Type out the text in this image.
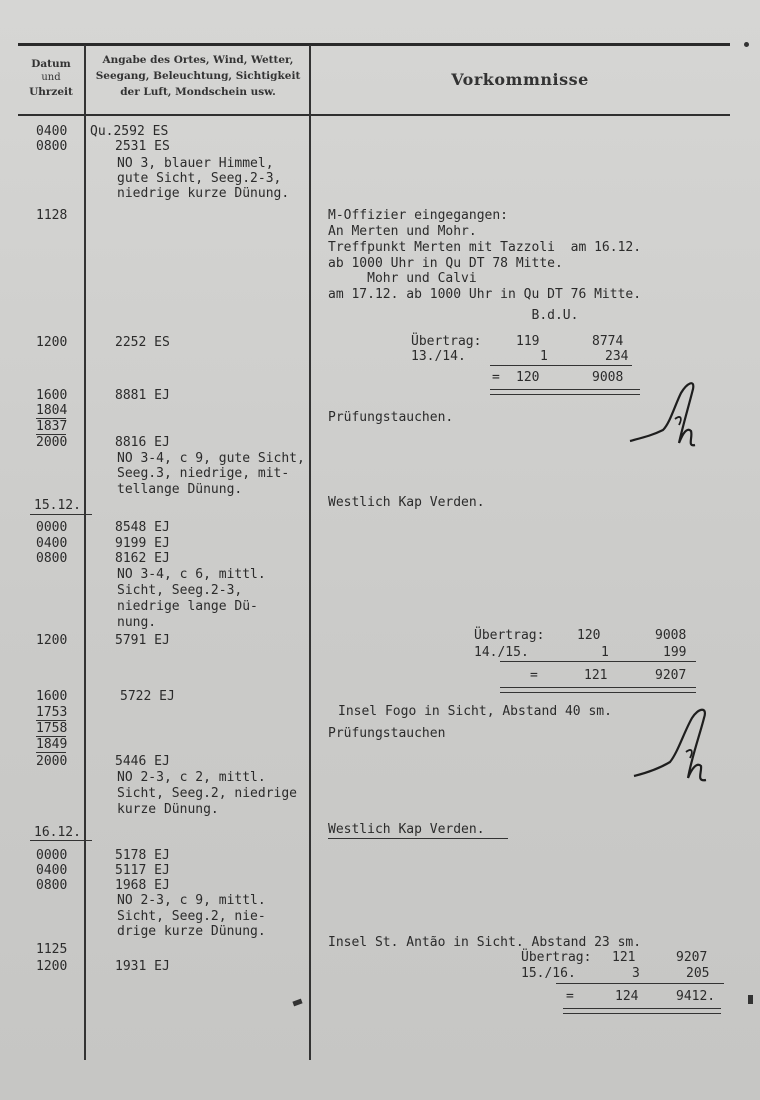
Datum
und
Uhrzeit
Angabe des Ortes, Wind, Wetter,
Seegang, Beleuchtung, Sichtigkeit
der Luft, Mondschein usw.
Vorkommnisse
0400 Qu.2592 ES
0800	2531 ES
NO 3, blauer Himmel,
gute Sicht, Seeg.2-3,
niedrige kurze Dünung.
1128	M-Offizier eingegangen:
An Merten und Mohr.
Treffpunkt Merten mit Tazzoli  am 16.12.
ab 1000 Uhr in Qu DT 78 Mitte.
Mohr und Calvi
am 17.12. ab 1000 Uhr in Qu DT 76 Mitte.
B.d.U.
1200	2252 ES	Übertrag:	119	8774
13./14.	1	234
= 120	9008
1600	8881 EJ
1804
1837
Prüfungstauchen.
2000	8816 EJ
NO 3-4, c 9, gute Sicht,
Seeg.3, niedrige, mit-
tellange Dünung.
15.12.	Westlich Kap Verden.
0000	8548 EJ
0400	9199 EJ
0800	8162 EJ
NO 3-4, c 6, mittl.
Sicht, Seeg.2-3,
niedrige lange Dü-
nung.
1200	5791 EJ	Übertrag:	120	9008
14./15.	1	199
=	121	9207
1600	5722 EJ
1753	Insel Fogo in Sicht, Abstand 40 sm.
1758	Prüfungstauchen
1849
2000	5446 EJ
NO 2-3, c 2, mittl.
Sicht, Seeg.2, niedrige
kurze Dünung.
16.12.	Westlich Kap Verden.
0000	5178 EJ
0400	5117 EJ
0800	1968 EJ
NO 2-3, c 9, mittl.
Sicht, Seeg.2, nie-
drige kurze Dünung.
1125	Insel St. Antão in Sicht. Abstand 23 sm.
1200	1931 EJ
Übertrag: 121	9207
15./16.	3	205
=	124	9412.
